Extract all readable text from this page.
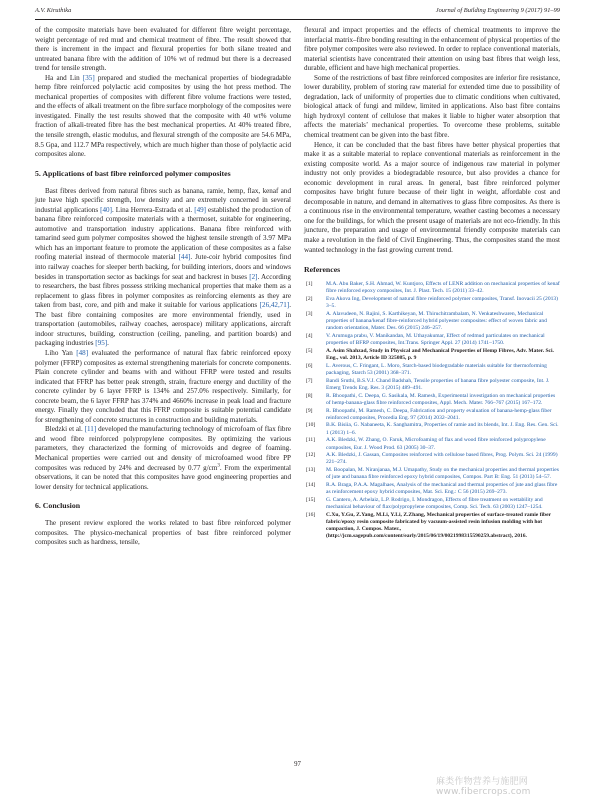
A.V. Kiruthika	Journal of Building Engineering 9 (2017) 91–99

of the composite materials have been evaluated for different fibre weight percentage, weight percentage of red mud and chemical treatment of fibre. The result showed that there is increment in the impact and flexural properties for both silane treated and untreated banana fibre with the addition of 10% wt of redmud but there is a decreased trend for tensile strength.

Ha and Lin [35] prepared and studied the mechanical properties of biodegradable hemp fibre reinforced polylactic acid composites by using the hot press method. The mechanical properties of composites with different fibre volume fractions were tested, and the effects of alkali treatment on the fibre surface morphology of the composites were investigated. Finally the test results showed that the composite with 40 wt% volume fraction of alkali-treated fibre has the best mechanical properties. At 40% treated fibre, the tensile strength, elastic modulus, and flexural strength of the composite are 54.6 MPa, 8.5 Gpa, and 112.7 MPa respectively, which are much higher than those of polylactic acid composites alone.

5. Applications of bast fibre reinforced polymer composites

Bast fibres derived from natural fibres such as banana, ramie, hemp, flax, kenaf and jute have high specific strength, low density and are extremely concerned in several industrial applications [40]. Lina Herrera-Estrada et al. [49] established the production of banana fibre reinforced composite materials with a thermoset, suitable for engineering, automotive and transportation industry applications. Banana fibre reinforced with tamarind seed gum polymer composites showed the highest tensile strength of 3.97 MPa which has an important feature to promote the application of these composites as a false roofing material instead of thermocole material [44]. Jute-coir hybrid composites find into railway coaches for sleeper berth backing, for building interiors, doors and windows besides in transportation sector as backings for seat and backrest in buses [2]. According to researchers, the bast fibres possess striking mechanical properties that make them as a replacement to glass fibres in polymer composites as reinforcing elements as they are taken from bast, core, and pith and make it suitable for various applications [26,42,71]. The bast fibre containing composites are more environmental friendly, used in transportation (automobiles, railway coaches, aerospace) military applications, aircraft indoor structures, building, construction (ceiling, paneling, and partition boards) and packaging industries [95].

Liho Yan [48] evaluated the performance of natural flax fabric reinforced epoxy polymer (FFRP) composites as external strengthening materials for concrete components. Plain concrete cylinder and beams with and without FFRP were tested and results indicated that FFRP has better peak strength, strain, fracture energy and ductility of the concrete cylinder by 6 layer FFRP is 134% and 257.0% respectively. Similarly, for concrete beam, the 6 layer FFRP has 374% and 4660% increase in peak load and fracture energy. Finally they concluded that this FFRP composite is suitable potential candidate for strengthening of concrete structures in construction and building materials.

Bledzki et al. [11] developed the manufacturing technology of microfoam of flax fibre and wood fibre reinforced polypropylene composites. By optimizing the various parameters, they characterized the forming of microvoids and degree of foaming. Mechanical properties were carried out and density of microfoamed wood fibre PP composites was reduced by 24% and decreased by 0.77 $g/cm^3$. From the experimental observations, it can be noted that this composites have good engineering properties and lower density for technical applications.

6. Conclusion

The present review explored the works related to bast fibre reinforced polymer composites. The physico-mechanical properties of bast fibre reinforced polymer composites such as hardness, tensile,

flexural and impact properties and the effects of chemical treatments to improve the interfacial matrix–fibre bonding resulting in the enhancement of physical properties of the fibre polymer composites were also reviewed. In order to replace conventional materials, material scientists have concentrated their attention on using bast fibres that weigh less, durable, efficient and have high mechanical properties.

Some of the restrictions of bast fibre reinforced composites are inferior fire resistance, lower durability, problem of storing raw material for extended time due to possibility of degradation, lack of uniformity of properties due to climatic conditions when cultivated, biological attack of fungi and mildew, limited in applications. Also bast fibre contains high hydroxyl content of cellulose that makes it liable to higher water absorption that affects the materials’ mechanical properties. To overcome these problems, suitable chemical treatment can be given into the bast fibre.

Hence, it can be concluded that the bast fibres have better physical properties that make it as a suitable material to replace conventional materials as reinforcement in the existing composite world. As a major source of indigenous raw material in polymer industry not only provides a biodegradable resource, but also provides a chance for economic development in rural areas. In general, bast fibre reinforced polymer composites have bright future because of their light in weight, affordable cost and decomposable in nature, and demand in alternatives to glass fibre composites. As there is a continuous rise in the environmental temperature, weather casting becomes a necessary one for the buildings, for which the present usage of materials are not eco-friendly. In this juncture, the preparation and usage of environmental friendly composite materials can make a revolution in the field of Civil Engineering. Thus, the composites stand the most wanted technology in the fast growing current trend.

References
[1] M.A. Abu Baker, S.H. Ahmad, W. Kuntjoro, Effects of LENR addition on mechanical properties of kenaf fibre reinforced epoxy composites, Int. J. Plast. Tech. 15 (2011) 33–42.
[2] Eva Akova Ing, Development of natural fibre reinforced polymer composites, Transf. Inovacii 25 (2013) 3–5.
[3] A. Alavudeen, N. Rajini, S. Karthikeyan, M. Thiruchitrambalam, N. Venkateshwaren, Mechanical properties of banana/kenaf fibre-reinforced hybrid polyester composites: effect of woven fabric and random orientation, Mater. Des. 66 (2015) 246–257.
[4] V. Arumuga prabu, V. Manikandan, M. Uthayakumar, Effect of redmud particulates on mechanical properties of BFRP composites, Int.Trans. Springer Appl. 27 (2014) 1741–1750.
[5] A. Asim Shahzad, Study in Physical and Mechanical Properties of Hemp Fibres, Adv. Mater. Sci. Eng., vol. 2013, Article ID 325085, p. 9
[6] L. Averous, C. Fringant, L. Moro, Starch-based biodegradable materials suitable for thermoforming packaging, Starch 53 (2001) 368–371.
[7] Bandi Sruthi, B.S.V.J. Chand Badshah, Tensile properties of banana fibre polyester composite, Int. J. Emerg Trends Eng. Res. 3 (2015) 489–491.
[8] R. Bhoopathi, C. Deepa, G. Sasikala, M. Ramesh, Experimental investigation on mechanical properties of hemp-banana-glass fibre reinforced composites, Appl. Mech. Mater. 766–767 (2015) 167–172.
[9] R. Bhoopathi, M. Ramesh, C. Deepa, Fabrication and property evaluation of banana-hemp-glass fiber reinforced composites, Procedia Eng. 97 (2014) 2032–2041.
[10] B.K. Bisiia, G. Nabaneeta, K. Sanghamitra, Properties of ramie and its blends, Int. J. Eng. Res. Gen. Sci. 1 (2013) 1–6.
[11] A.K. Bledzki, W. Zhang, O. Faruk, Microfoaming of flax and wood fibre reinforced polypropylene composites, Eur. J. Wood Prod. 63 (2005) 30–37.
[12] A.K. Bledzki, J. Gassan, Composites reinforced with cellulose based fibres, Prog. Polym. Sci. 24 (1999) 221–274.
[13] M. Boopalan, M. Niranjanaa, M.J. Umapathy, Study on the mechanical properties and thermal properties of jute and banana fibre reinforced epoxy hybrid composites, Compos. Part B: Eng. 51 (2013) 54–57.
[14] R.A. Braga, P.A.A. Magalhaes, Analysis of the mechanical and thermal properties of jute and glass fibre as reinforcement epoxy hybrid composites, Mat. Sci. Eng.: C 56 (2015) 269–273.
[15] G. Cantero, A. Arbelaiz, L.P. Rodrigo, I. Mondragon, Effects of fibre treatment on wettability and mechanical behaviour of flax/polypropylene composites, Comp. Sci. Tech. 63 (2003) 1247–1254.
[16] C.Xu, Y.Gu, Z.Yang, M.Li, Y.Li, Z.Zhang, Mechanical properties of surface-treated ramie fiber fabric/epoxy resin composite fabricated by vacuum-assisted resin infusion molding with hot compaction, J. Compos. Mater., (http://jcm.sagepub.com/content/early/2015/06/19/0021998315590259.abstract), 2016.
97
麻类作物营养与施肥网 www.fibercrops.com
